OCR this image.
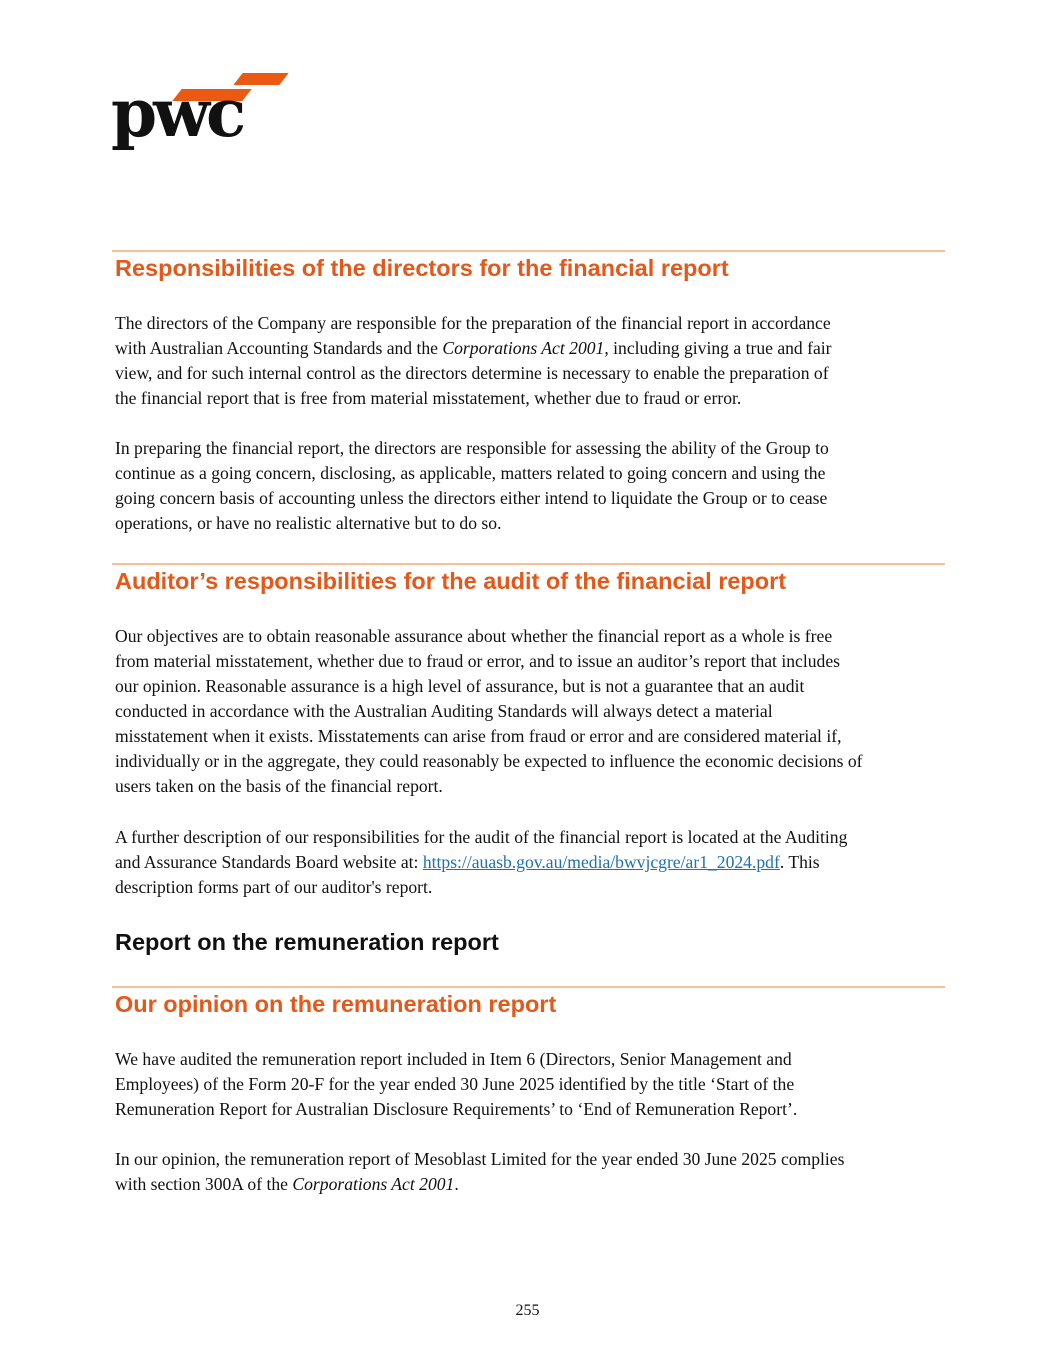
pwc
Responsibilities of the directors for the financial report

The directors of the Company are responsible for the preparation of the financial report in accordance
with Australian Accounting Standards and the Corporations Act 2001, including giving a true and fair
view, and for such internal control as the directors determine is necessary to enable the preparation of
the financial report that is free from material misstatement, whether due to fraud or error.

In preparing the financial report, the directors are responsible for assessing the ability of the Group to
continue as a going concern, disclosing, as applicable, matters related to going concern and using the
going concern basis of accounting unless the directors either intend to liquidate the Group or to cease
operations, or have no realistic alternative but to do so.

Auditor’s responsibilities for the audit of the financial report

Our objectives are to obtain reasonable assurance about whether the financial report as a whole is free
from material misstatement, whether due to fraud or error, and to issue an auditor’s report that includes
our opinion. Reasonable assurance is a high level of assurance, but is not a guarantee that an audit
conducted in accordance with the Australian Auditing Standards will always detect a material
misstatement when it exists. Misstatements can arise from fraud or error and are considered material if,
individually or in the aggregate, they could reasonably be expected to influence the economic decisions of
users taken on the basis of the financial report.

A further description of our responsibilities for the audit of the financial report is located at the Auditing
and Assurance Standards Board website at: https://auasb.gov.au/media/bwvjcgre/ar1_2024.pdf. This
description forms part of our auditor's report.

Report on the remuneration report
Our opinion on the remuneration report

We have audited the remuneration report included in Item 6 (Directors, Senior Management and
Employees) of the Form 20-F for the year ended 30 June 2025 identified by the title ‘Start of the
Remuneration Report for Australian Disclosure Requirements’ to ‘End of Remuneration Report’.

In our opinion, the remuneration report of Mesoblast Limited for the year ended 30 June 2025 complies
with section 300A of the Corporations Act 2001.

255
